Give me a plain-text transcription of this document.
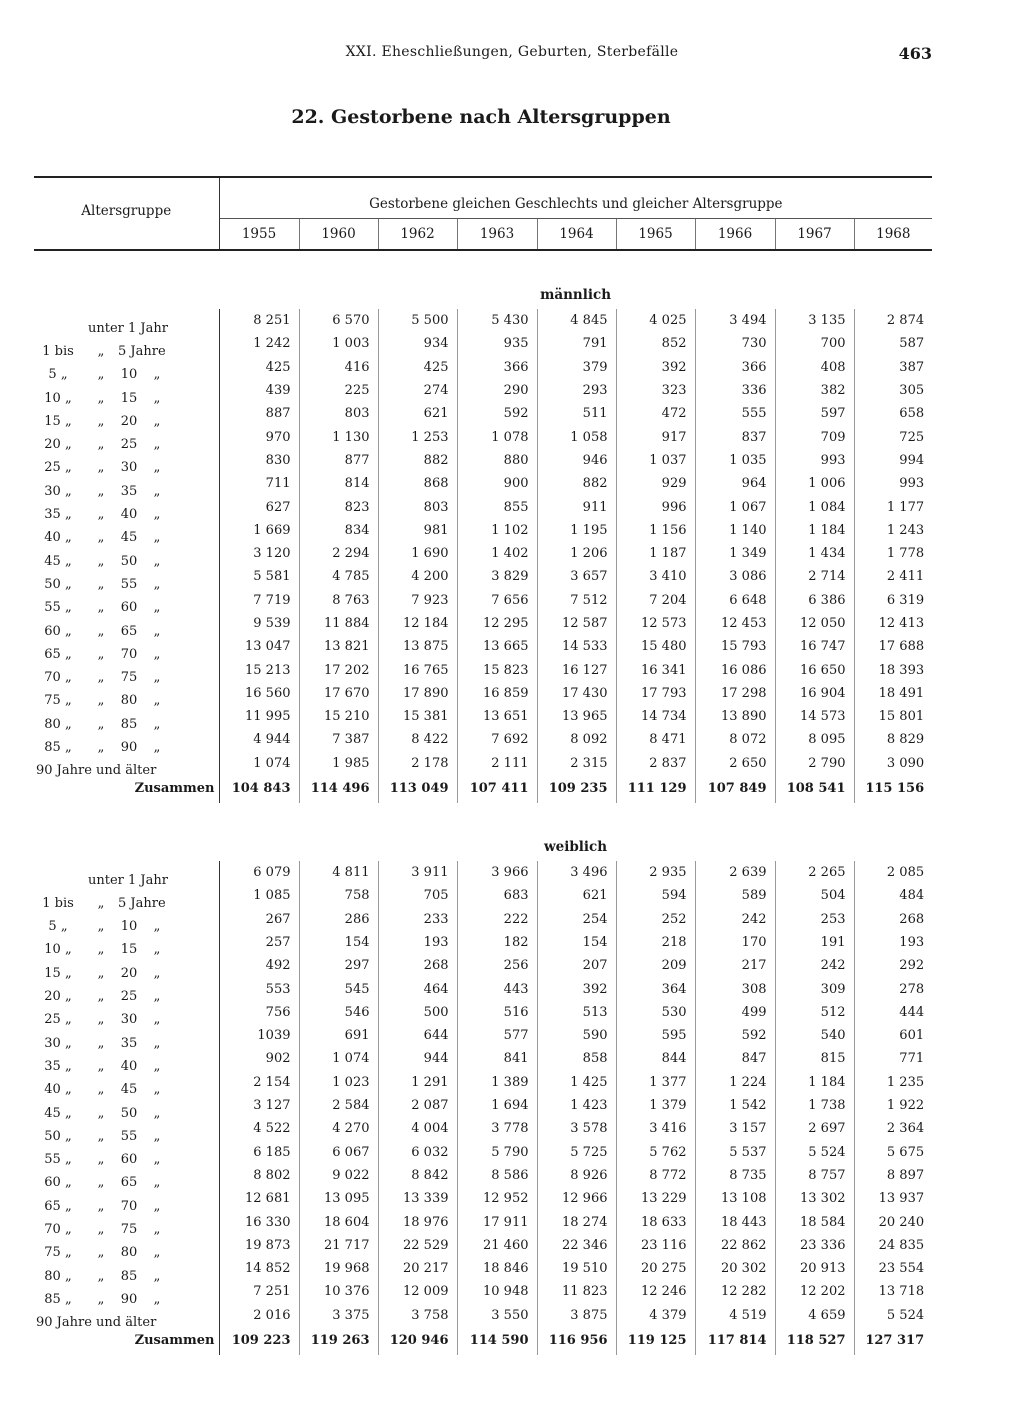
XXI. Eheschließungen, Geburten, Sterbefälle	463
22. Gestorbene nach Altersgruppen
Altersgruppe	Gestorbene gleichen Geschlechts und gleicher Altersgruppe								
	1955	1960	1962	1963	1964	1965	1966	1967	1968
	männlich								

unter 1 Jahr	8 251	6 570	5 500	5 430	4 845	4 025	3 494	3 135	2 874

1 bis „ 5 Jahre	1 242	1 003	934	935	791	852	730	700	587

5 „ „ 10 „	425	416	425	366	379	392	366	408	387

10 „ „ 15 „	439	225	274	290	293	323	336	382	305

15 „ „ 20 „	887	803	621	592	511	472	555	597	658

20 „ „ 25 „	970	1 130	1 253	1 078	1 058	917	837	709	725

25 „ „ 30 „	830	877	882	880	946	1 037	1 035	993	994

30 „ „ 35 „	711	814	868	900	882	929	964	1 006	993

35 „ „ 40 „	627	823	803	855	911	996	1 067	1 084	1 177

40 „ „ 45 „	1 669	834	981	1 102	1 195	1 156	1 140	1 184	1 243

45 „ „ 50 „	3 120	2 294	1 690	1 402	1 206	1 187	1 349	1 434	1 778

50 „ „ 55 „	5 581	4 785	4 200	3 829	3 657	3 410	3 086	2 714	2 411

55 „ „ 60 „	7 719	8 763	7 923	7 656	7 512	7 204	6 648	6 386	6 319

60 „ „ 65 „	9 539	11 884	12 184	12 295	12 587	12 573	12 453	12 050	12 413

65 „ „ 70 „	13 047	13 821	13 875	13 665	14 533	15 480	15 793	16 747	17 688

70 „ „ 75 „	15 213	17 202	16 765	15 823	16 127	16 341	16 086	16 650	18 393

75 „ „ 80 „	16 560	17 670	17 890	16 859	17 430	17 793	17 298	16 904	18 491

80 „ „ 85 „	11 995	15 210	15 381	13 651	13 965	14 734	13 890	14 573	15 801

85 „ „ 90 „	4 944	7 387	8 422	7 692	8 092	8 471	8 072	8 095	8 829

90 Jahre und älter	1 074	1 985	2 178	2 111	2 315	2 837	2 650	2 790	3 090
Zusammen	104 843	114 496	113 049	107 411	109 235	111 129	107 849	108 541	115 156
	weiblich								

unter 1 Jahr	6 079	4 811	3 911	3 966	3 496	2 935	2 639	2 265	2 085

1 bis „ 5 Jahre	1 085	758	705	683	621	594	589	504	484

5 „ „ 10 „	267	286	233	222	254	252	242	253	268

10 „ „ 15 „	257	154	193	182	154	218	170	191	193

15 „ „ 20 „	492	297	268	256	207	209	217	242	292

20 „ „ 25 „	553	545	464	443	392	364	308	309	278

25 „ „ 30 „	756	546	500	516	513	530	499	512	444

30 „ „ 35 „	1039	691	644	577	590	595	592	540	601

35 „ „ 40 „	902	1 074	944	841	858	844	847	815	771

40 „ „ 45 „	2 154	1 023	1 291	1 389	1 425	1 377	1 224	1 184	1 235

45 „ „ 50 „	3 127	2 584	2 087	1 694	1 423	1 379	1 542	1 738	1 922

50 „ „ 55 „	4 522	4 270	4 004	3 778	3 578	3 416	3 157	2 697	2 364

55 „ „ 60 „	6 185	6 067	6 032	5 790	5 725	5 762	5 537	5 524	5 675

60 „ „ 65 „	8 802	9 022	8 842	8 586	8 926	8 772	8 735	8 757	8 897

65 „ „ 70 „	12 681	13 095	13 339	12 952	12 966	13 229	13 108	13 302	13 937

70 „ „ 75 „	16 330	18 604	18 976	17 911	18 274	18 633	18 443	18 584	20 240

75 „ „ 80 „	19 873	21 717	22 529	21 460	22 346	23 116	22 862	23 336	24 835

80 „ „ 85 „	14 852	19 968	20 217	18 846	19 510	20 275	20 302	20 913	23 554

85 „ „ 90 „	7 251	10 376	12 009	10 948	11 823	12 246	12 282	12 202	13 718

90 Jahre und älter	2 016	3 375	3 758	3 550	3 875	4 379	4 519	4 659	5 524
Zusammen	109 223	119 263	120 946	114 590	116 956	119 125	117 814	118 527	127 317
